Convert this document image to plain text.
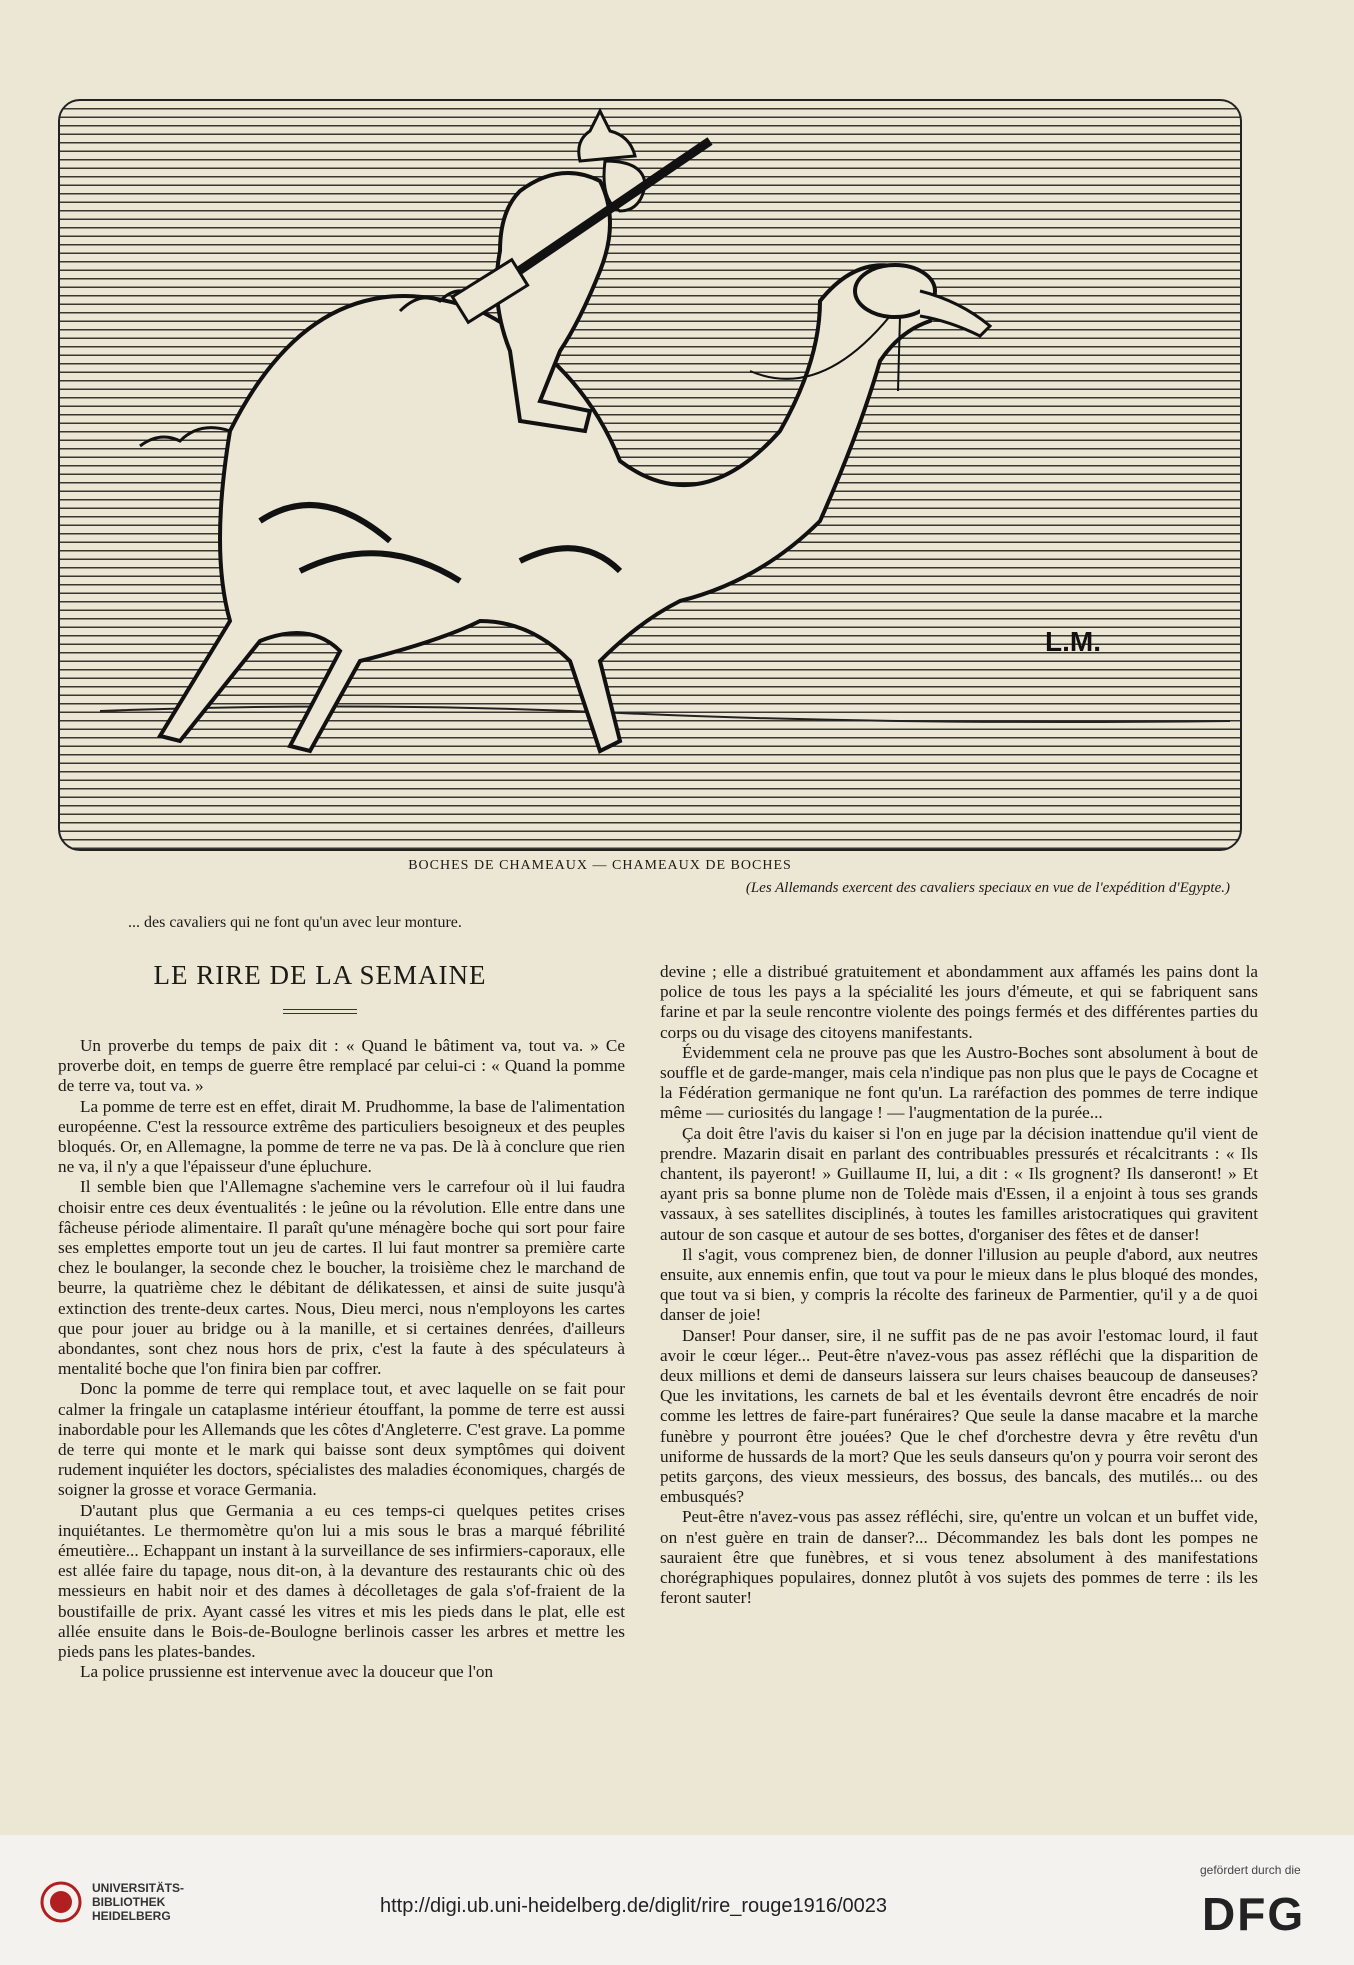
L.M.
BOCHES DE CHAMEAUX — CHAMEAUX DE BOCHES
(Les Allemands exercent des cavaliers speciaux en vue de l'expédition d'Egypte.)
... des cavaliers qui ne font qu'un avec leur monture.
LE RIRE DE LA SEMAINE

Un proverbe du temps de paix dit : « Quand le bâtiment va, tout va. » Ce proverbe doit, en temps de guerre être remplacé par celui-ci : « Quand la pomme de terre va, tout va. »

La pomme de terre est en effet, dirait M. Prudhomme, la base de l'alimentation européenne. C'est la ressource extrême des particuliers besoigneux et des peuples bloqués. Or, en Allemagne, la pomme de terre ne va pas. De là à conclure que rien ne va, il n'y a que l'épaisseur d'une épluchure.

Il semble bien que l'Allemagne s'achemine vers le carrefour où il lui faudra choisir entre ces deux éventualités : le jeûne ou la révolution. Elle entre dans une fâcheuse période alimentaire. Il paraît qu'une ménagère boche qui sort pour faire ses emplettes emporte tout un jeu de cartes. Il lui faut montrer sa première carte chez le boulanger, la seconde chez le boucher, la troisième chez le marchand de beurre, la quatrième chez le débitant de délikatessen, et ainsi de suite jusqu'à extinction des trente-deux cartes. Nous, Dieu merci, nous n'employons les cartes que pour jouer au bridge ou à la manille, et si certaines denrées, d'ailleurs abondantes, sont chez nous hors de prix, c'est la faute à des spéculateurs à mentalité boche que l'on finira bien par coffrer.

Donc la pomme de terre qui remplace tout, et avec laquelle on se fait pour calmer la fringale un cataplasme intérieur étouffant, la pomme de terre est aussi inabordable pour les Allemands que les côtes d'Angleterre. C'est grave. La pomme de terre qui monte et le mark qui baisse sont deux symptômes qui doivent rudement inquiéter les doctors, spécialistes des maladies économiques, chargés de soigner la grosse et vorace Germania.

D'autant plus que Germania a eu ces temps-ci quelques petites crises inquiétantes. Le thermomètre qu'on lui a mis sous le bras a marqué fébrilité émeutière... Echappant un instant à la surveillance de ses infirmiers-caporaux, elle est allée faire du tapage, nous dit-on, à la devanture des restaurants chic où des messieurs en habit noir et des dames à décolletages de gala s'of-fraient de la boustifaille de prix. Ayant cassé les vitres et mis les pieds dans le plat, elle est allée ensuite dans le Bois-de-Boulogne berlinois casser les arbres et mettre les pieds pans les plates-bandes.

La police prussienne est intervenue avec la douceur que l'on

devine ; elle a distribué gratuitement et abondamment aux affamés les pains dont la police de tous les pays a la spécialité les jours d'émeute, et qui se fabriquent sans farine et par la seule rencontre violente des poings fermés et des différentes parties du corps ou du visage des citoyens manifestants.

Évidemment cela ne prouve pas que les Austro-Boches sont absolument à bout de souffle et de garde-manger, mais cela n'indique pas non plus que le pays de Cocagne et la Fédération germanique ne font qu'un. La raréfaction des pommes de terre indique même — curiosités du langage ! — l'augmentation de la purée...

Ça doit être l'avis du kaiser si l'on en juge par la décision inattendue qu'il vient de prendre. Mazarin disait en parlant des contribuables pressurés et récalcitrants : « Ils chantent, ils payeront! » Guillaume II, lui, a dit : « Ils grognent? Ils danseront! » Et ayant pris sa bonne plume non de Tolède mais d'Essen, il a enjoint à tous ses grands vassaux, à ses satellites disciplinés, à toutes les familles aristocratiques qui gravitent autour de son casque et autour de ses bottes, d'organiser des fêtes et de danser!

Il s'agit, vous comprenez bien, de donner l'illusion au peuple d'abord, aux neutres ensuite, aux ennemis enfin, que tout va pour le mieux dans le plus bloqué des mondes, que tout va si bien, y compris la récolte des farineux de Parmentier, qu'il y a de quoi danser de joie!

Danser! Pour danser, sire, il ne suffit pas de ne pas avoir l'estomac lourd, il faut avoir le cœur léger... Peut-être n'avez-vous pas assez réfléchi que la disparition de deux millions et demi de danseurs laissera sur leurs chaises beaucoup de danseuses? Que les invitations, les carnets de bal et les éventails devront être encadrés de noir comme les lettres de faire-part funéraires? Que seule la danse macabre et la marche funèbre y pourront être jouées? Que le chef d'orchestre devra y être revêtu d'un uniforme de hussards de la mort? Que les seuls danseurs qu'on y pourra voir seront des petits garçons, des vieux messieurs, des bossus, des bancals, des mutilés... ou des embusqués?

Peut-être n'avez-vous pas assez réfléchi, sire, qu'entre un volcan et un buffet vide, on n'est guère en train de danser?... Décommandez les bals dont les pompes ne sauraient être que funèbres, et si vous tenez absolument à des manifestations chorégraphiques populaires, donnez plutôt à vos sujets des pommes de terre : ils les feront sauter!

UNIVERSITÄTS-
BIBLIOTHEK
HEIDELBERG	http://digi.ub.uni-heidelberg.de/diglit/rire_rouge1916/0023
gefördert durch die
DFG
